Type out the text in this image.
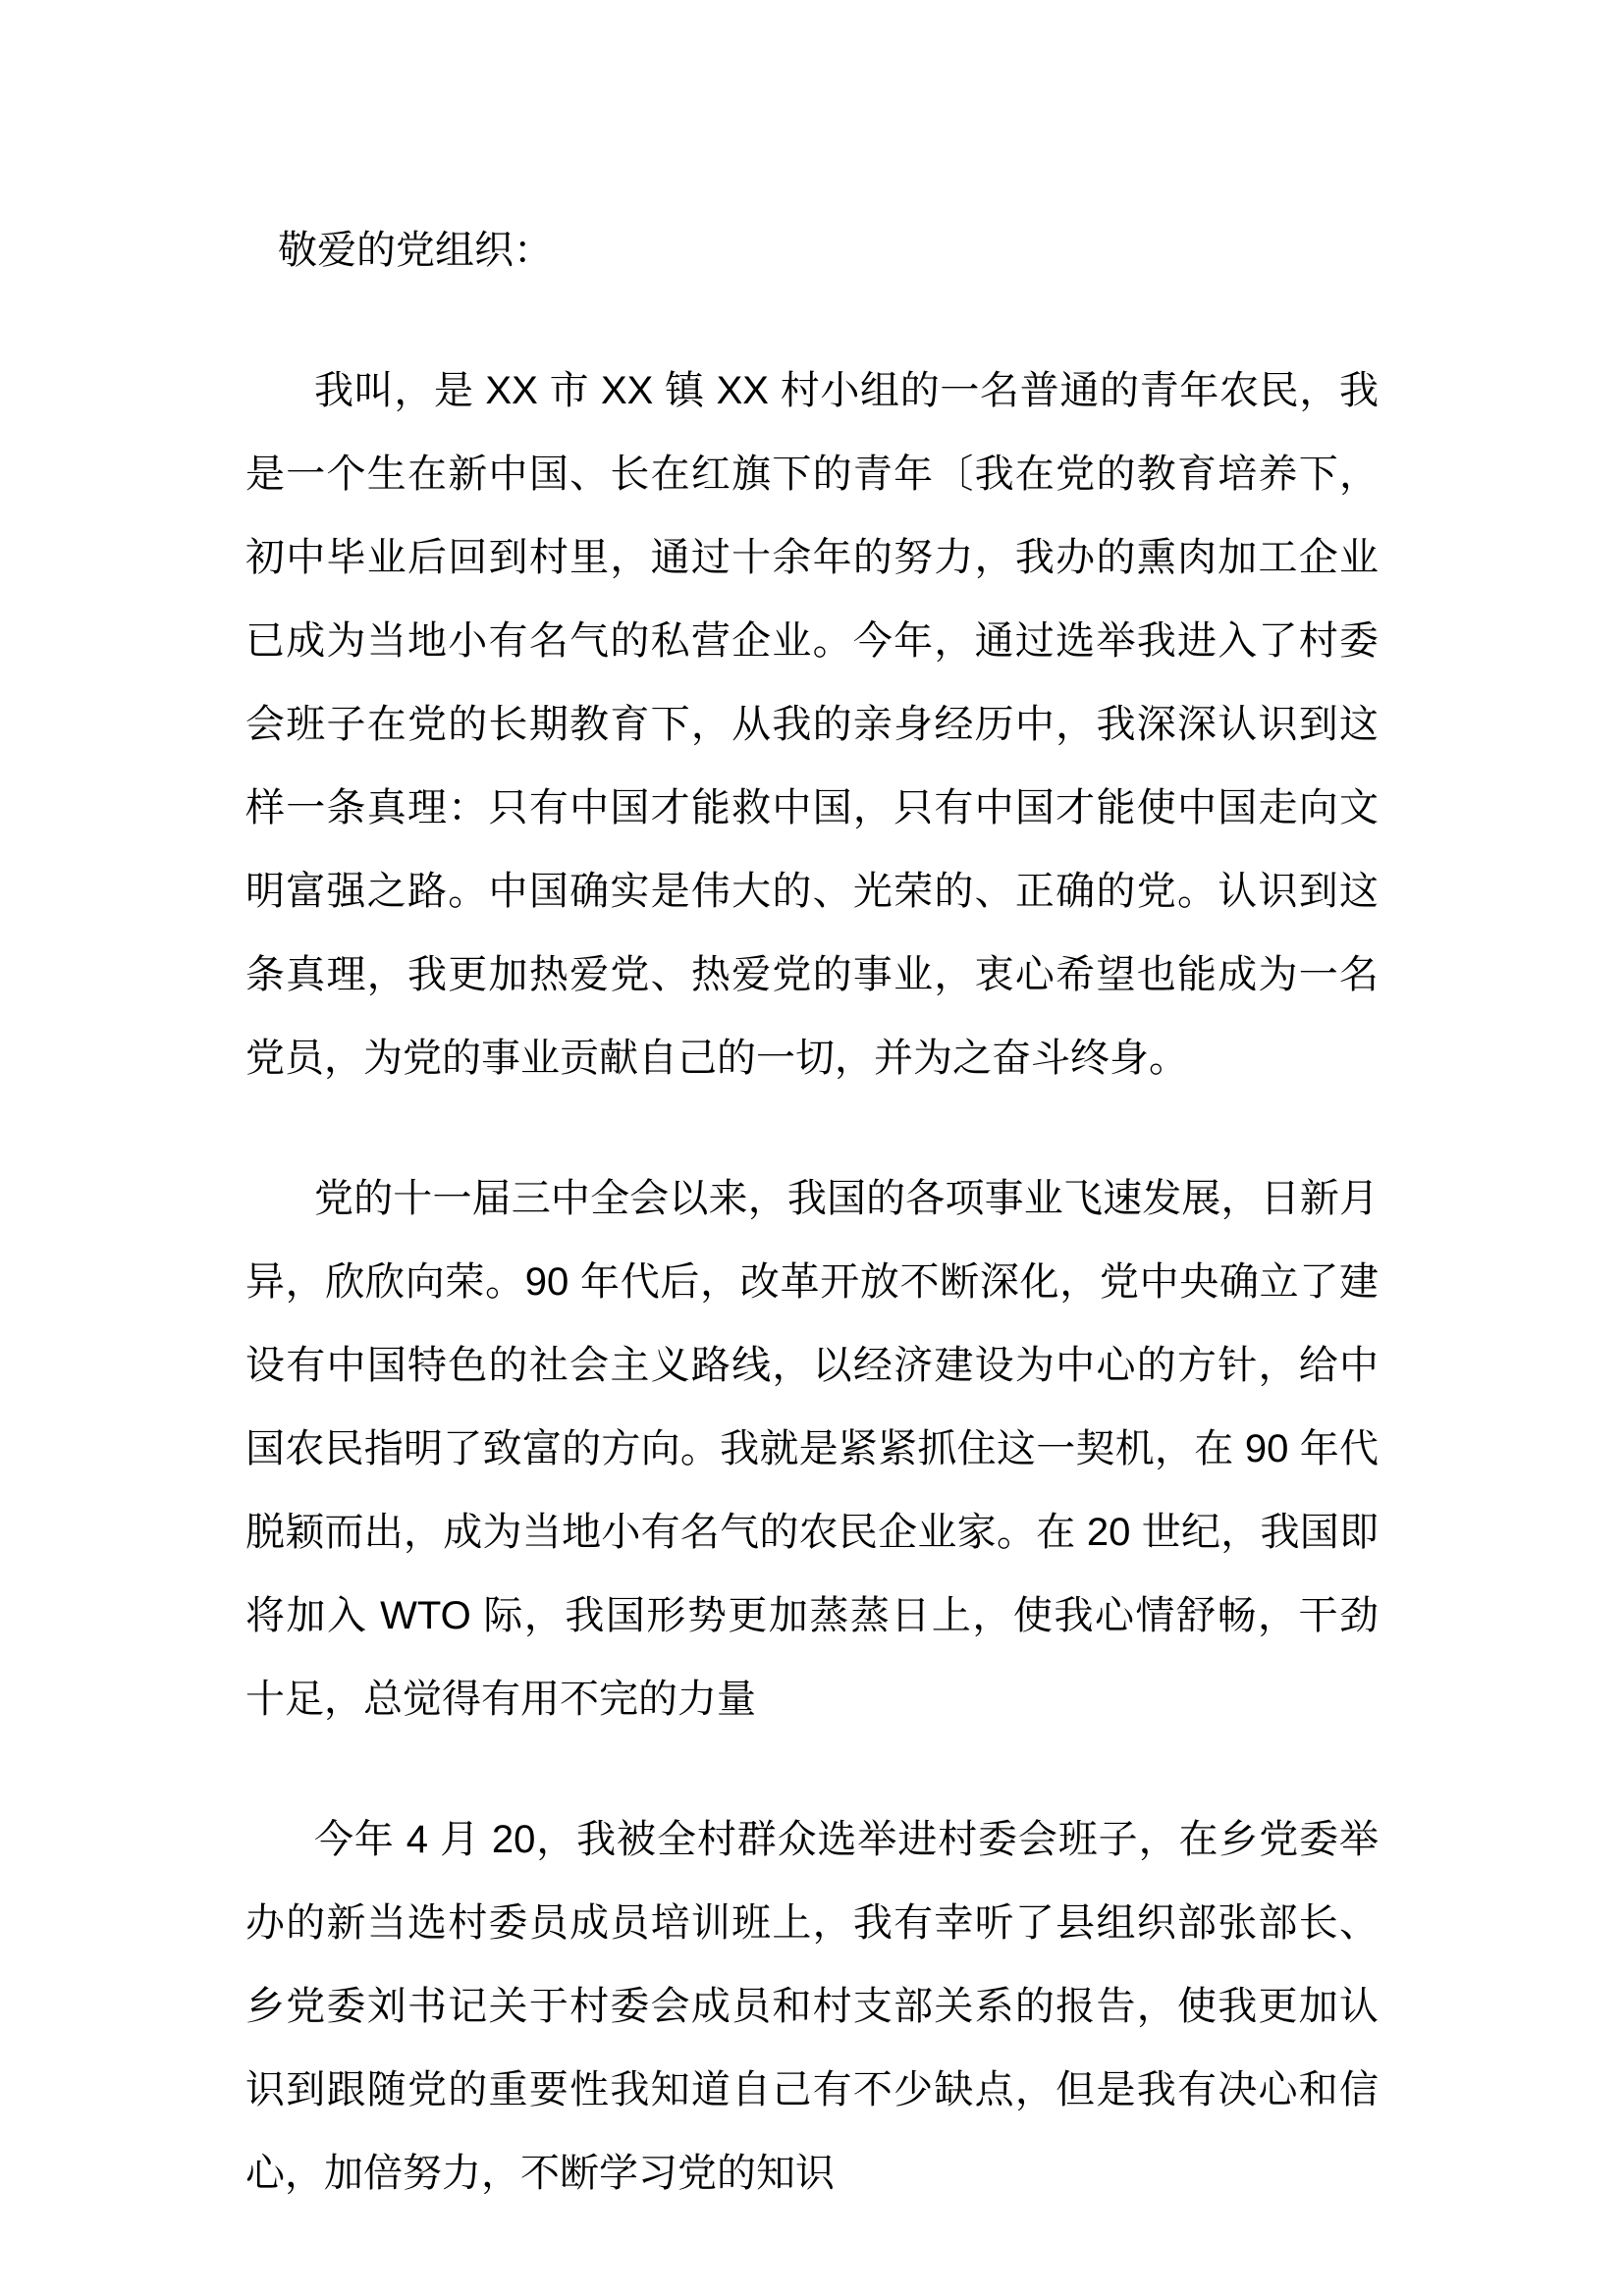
敬爱的党组织：

我叫，是 XX 市 XX 镇 XX 村小组的一名普通的青年农民，我是一个生在新中国、长在红旗下的青年〔我在党的教育培养下，初中毕业后回到村里，通过十余年的努力，我办的熏肉加工企业已成为当地小有名气的私营企业。今年，通过选举我进入了村委会班子在党的长期教育下，从我的亲身经历中，我深深认识到这样一条真理：只有中国才能救中国，只有中国才能使中国走向文明富强之路。中国确实是伟大的、光荣的、正确的党。认识到这条真理，我更加热爱党、热爱党的事业，衷心希望也能成为一名党员，为党的事业贡献自己的一切，并为之奋斗终身。

党的十一届三中全会以来，我国的各项事业飞速发展，日新月异，欣欣向荣。90 年代后，改革开放不断深化，党中央确立了建设有中国特色的社会主义路线，以经济建设为中心的方针，给中国农民指明了致富的方向。我就是紧紧抓住这一契机，在 90 年代脱颖而出，成为当地小有名气的农民企业家。在 20 世纪，我国即将加入 WTO 际，我国形势更加蒸蒸日上，使我心情舒畅，干劲十足，总觉得有用不完的力量

今年 4 月 20，我被全村群众选举进村委会班子，在乡党委举办的新当选村委员成员培训班上，我有幸听了县组织部张部长、乡党委刘书记关于村委会成员和村支部关系的报告，使我更加认识到跟随党的重要性我知道自己有不少缺点，但是我有决心和信心，加倍努力，不断学习党的知识
